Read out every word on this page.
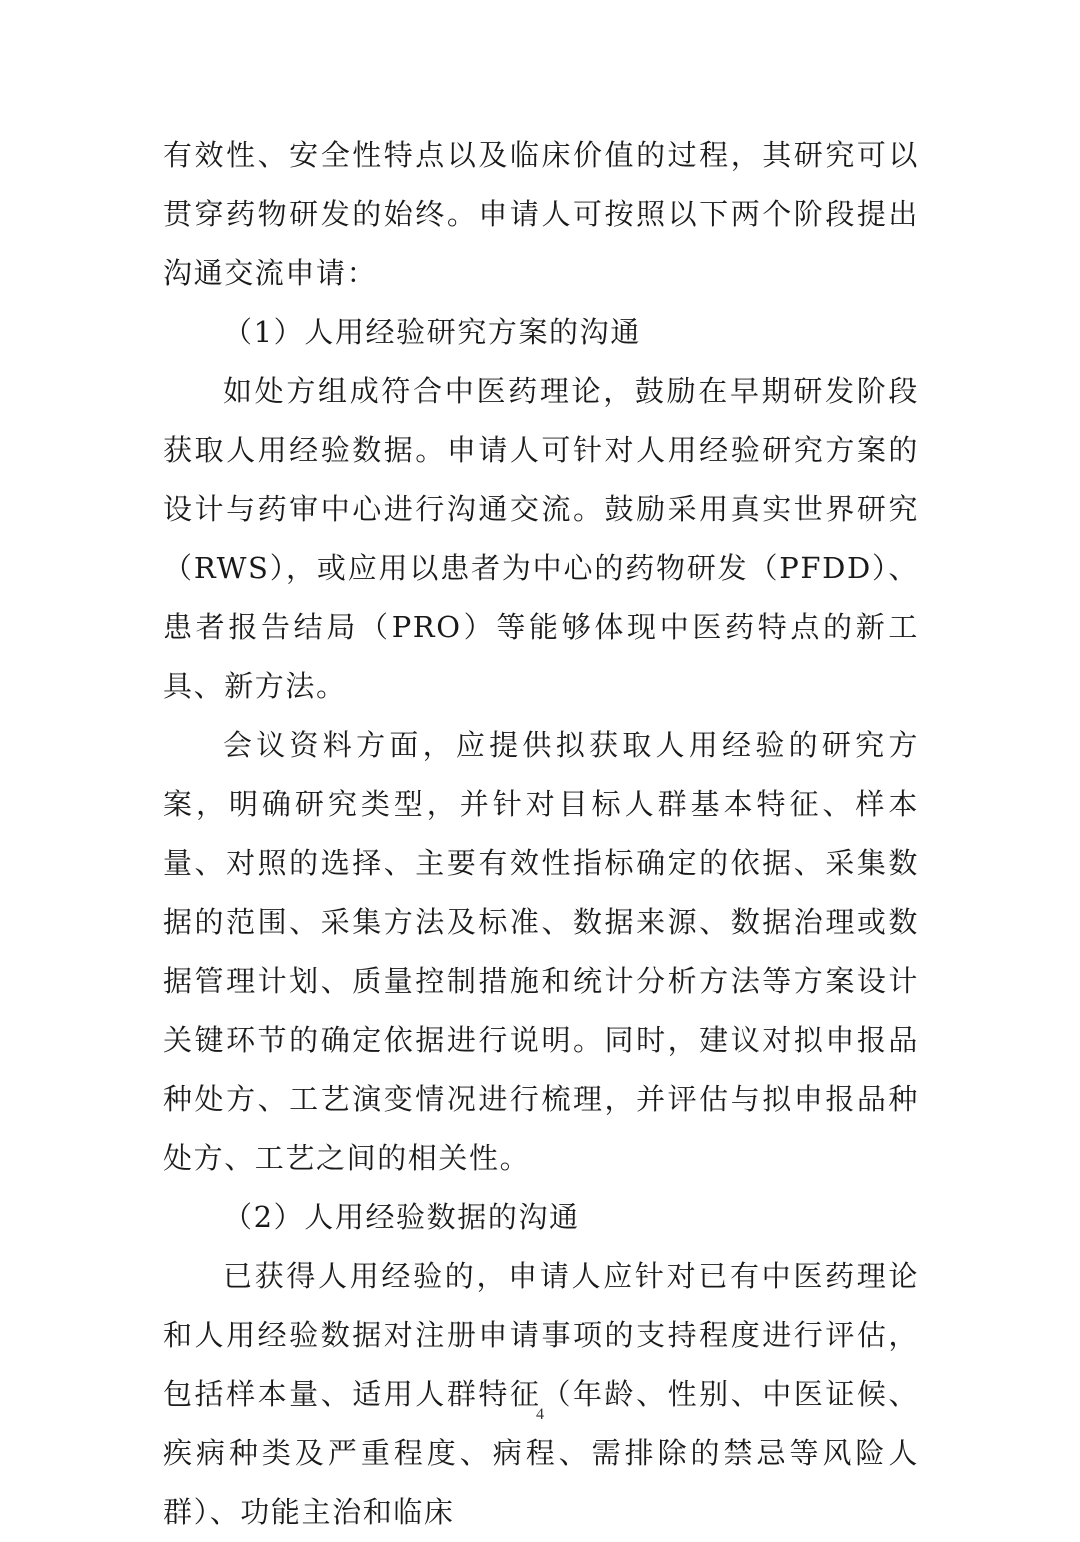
有效性、安全性特点以及临床价值的过程，其研究可以贯穿药物研发的始终。申请人可按照以下两个阶段提出沟通交流申请：

（1）人用经验研究方案的沟通

如处方组成符合中医药理论，鼓励在早期研发阶段获取人用经验数据。申请人可针对人用经验研究方案的设计与药审中心进行沟通交流。鼓励采用真实世界研究（RWS），或应用以患者为中心的药物研发（PFDD）、患者报告结局（PRO）等能够体现中医药特点的新工具、新方法。

会议资料方面，应提供拟获取人用经验的研究方案，明确研究类型，并针对目标人群基本特征、样本量、对照的选择、主要有效性指标确定的依据、采集数据的范围、采集方法及标准、数据来源、数据治理或数据管理计划、质量控制措施和统计分析方法等方案设计关键环节的确定依据进行说明。同时，建议对拟申报品种处方、工艺演变情况进行梳理，并评估与拟申报品种处方、工艺之间的相关性。

（2）人用经验数据的沟通

已获得人用经验的，申请人应针对已有中医药理论和人用经验数据对注册申请事项的支持程度进行评估，包括样本量、适用人群特征（年龄、性别、中医证候、疾病种类及严重程度、病程、需排除的禁忌等风险人群）、功能主治和临床

4
